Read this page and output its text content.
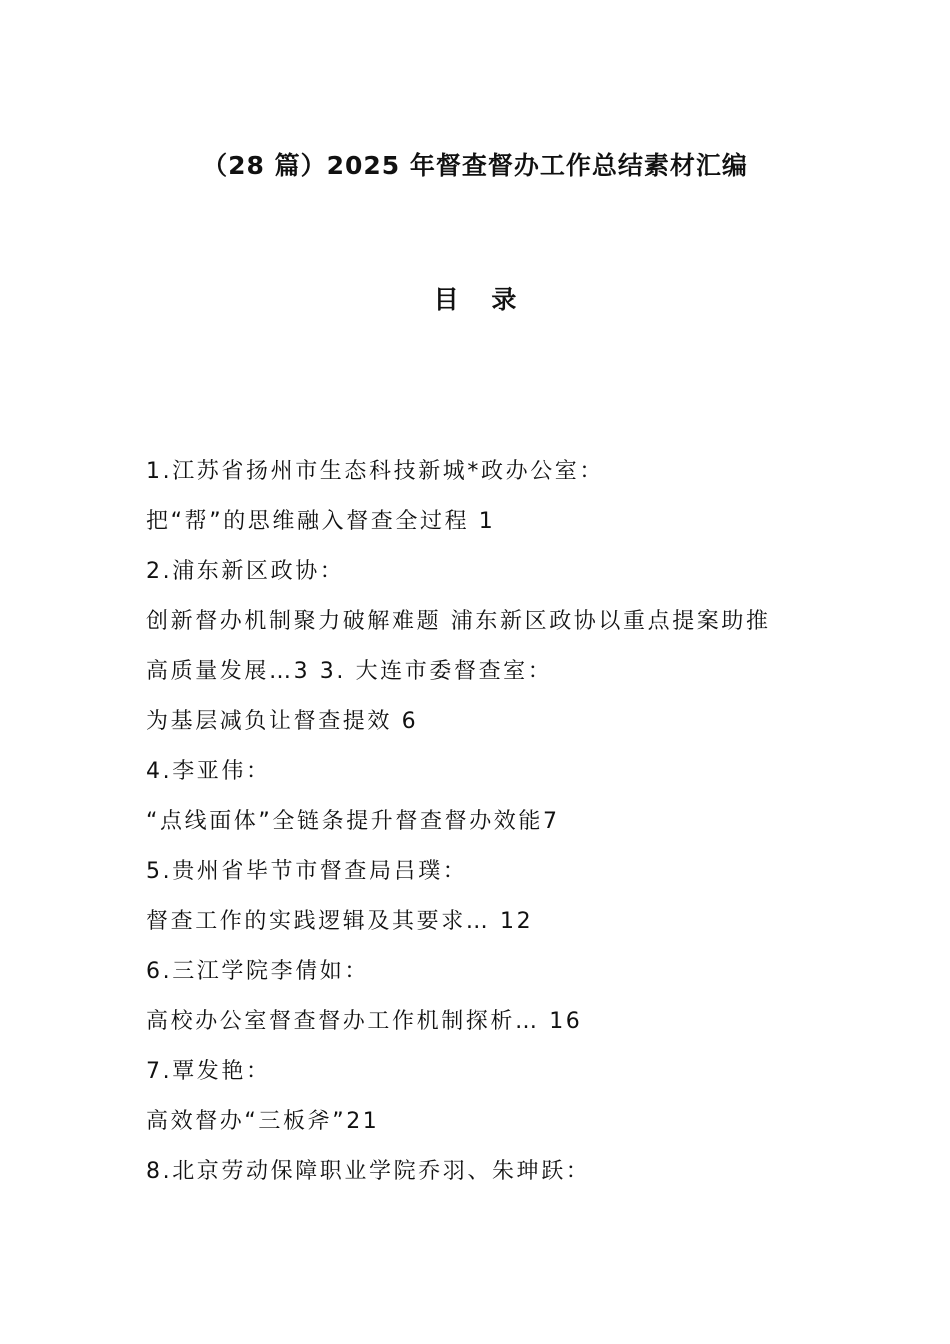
（28 篇）2025 年督查督办工作总结素材汇编
目 录
1.江苏省扬州市生态科技新城*政办公室：
把“帮”的思维融入督查全过程 1
2.浦东新区政协：
创新督办机制聚力破解难题 浦东新区政协以重点提案助推
高质量发展…3 3. 大连市委督查室：
为基层减负让督查提效 6
4.李亚伟：
“点线面体”全链条提升督查督办效能7
5.贵州省毕节市督查局吕璞：
督查工作的实践逻辑及其要求… 12
6.三江学院李倩如：
高校办公室督查督办工作机制探析… 16
7.覃发艳：
高效督办“三板斧”21
8.北京劳动保障职业学院乔羽、朱珅跃：
